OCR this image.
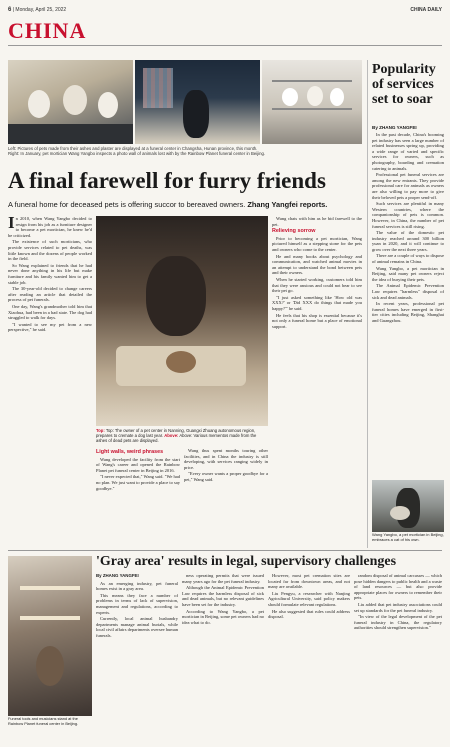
6 | Monday, April 25, 2022	CHINA DAILY
CHINA
Left: Pictures of pets made from their ashes and plaster are displayed at a funeral center in Changsha, Hunan province, this month.
Right: In January, pet mortician Wang Yangbo inspects a photo wall of animals lost with by the Rainbow Planet funeral center in Beijing.
A final farewell for furry friends
A funeral home for deceased pets is offering succor to bereaved owners. Zhang Yangfei reports.

In 2010, when Wang Yangbo decided to resign from his job as a furniture designer to become a pet mortician, he knew he'd be criticized.

The existence of such morticians, who provide services related to pet deaths, was little known and the dozens of people worked in the field.

So Wang explained to friends that he had never done anything in his life but make furniture and his family wanted him to get a stable job.

The 30-year-old decided to change careers after reading an article that detailed the process of pet funerals.

One day, Wang's grandmother told him that Xiaohua, had been in a bad state. The dog had struggled to walk for days.

"I wanted to see my pet from a new perspective," he said.

Top: Top: The owner of a pet center in Nanning, Guangxi Zhuang autonomous region, prepares to cremate a dog last year. Above: Above: Various mementos made from the ashes of dead pets are displayed.

Light walls, weird phrases

Wang developed the facility from the start of Wang's career and opened the Rainbow Planet pet funeral center in Beijing in 2016.

"I never expected that," Wang said. "We had no plan. We just want to provide a place to say goodbye."

Wang thus spent months touring other facilities, and in China the industry is still developing, with services ranging widely in price.

"Every owner wants a proper goodbye for a pet," Wang said.

Wang chats with him as he bid farewell to the pet.

Relieving sorrow

Prior to becoming a pet mortician, Wang pictured himself as a stepping stone for the pets and owners who come to the center.

He and many books about psychology and communication, and watched animal movies in an attempt to understand the bond between pets and their owners.

When he started working, customers told him that they were anxious and could not bear to see their pet go.

"I just asked something like 'How old was XXX?' or 'Did XXX do things that made you happy?'" he said.

He feels that his shop is essential because it's not only a funeral home but a place of emotional support.

Popularity of services set to soar
By ZHANG YANGFEI

In the past decade, China's booming pet industry has seen a large number of related businesses spring up, providing a wide range of varied and specific services for owners, such as photography, boarding and cremation catering to animals.

Professional pet funeral services are among the new entrants. They provide professional care for animals as owners are also willing to pay more to give their beloved pets a proper send-off.

Such services are plentiful in many Western countries, where the companionship of pets is common. However, in China, the number of pet funeral services is still rising.

The value of the domestic pet industry reached around 300 billion yuan in 2020, and it will continue to grow over the next three years.

There are a couple of ways to dispose of animal remains in China.

Wang Yangbo, a pet mortician in Beijing, said many pet owners reject the idea of burying their pets.

The Animal Epidemic Prevention Law requires "harmless" disposal of sick and dead animals.

In recent years, professional pet funeral homes have emerged in first-tier cities including Beijing, Shanghai and Guangzhou.

Wang Yangbo, a pet mortician in Beijing, embraces a cat of his own.
Funeral tools and musicians stand at the Rainbow Planet funeral center in Beijing.
'Gray area' results in legal, supervisory challenges
By ZHANG YANGFEI

As an emerging industry, pet funeral homes exist in a gray area.

This means they face a number of problems in terms of lack of supervision, management and regulations, according to experts.

Currently, local animal husbandry departments manage animal burials, while local civil affairs departments oversee human funerals.

ness operating permits that were issued many years ago for the pet funeral industry.

Although the Animal Epidemic Prevention Law requires the harmless disposal of sick and dead animals, but no relevant guidelines have been set for the industry.

According to Wang Yangbo, a pet mortician in Beijing, some pet owners had no idea what to do.

However, most pet cremation sites are located far from downtown areas, and not many are available.

Liu Pengyu, a researcher with Nanjing Agricultural University, said policy makers should formulate relevant regulations.

He also suggested that rules could address disposal.

random disposal of animal carcasses — which pose hidden dangers to public health and a waste of land resources — but also provide appropriate places for owners to remember their pets.

Liu added that pet industry associations could set up standards for the pet funeral industry.

"In view of the legal development of the pet funeral industry in China, the regulatory authorities should strengthen supervision."
